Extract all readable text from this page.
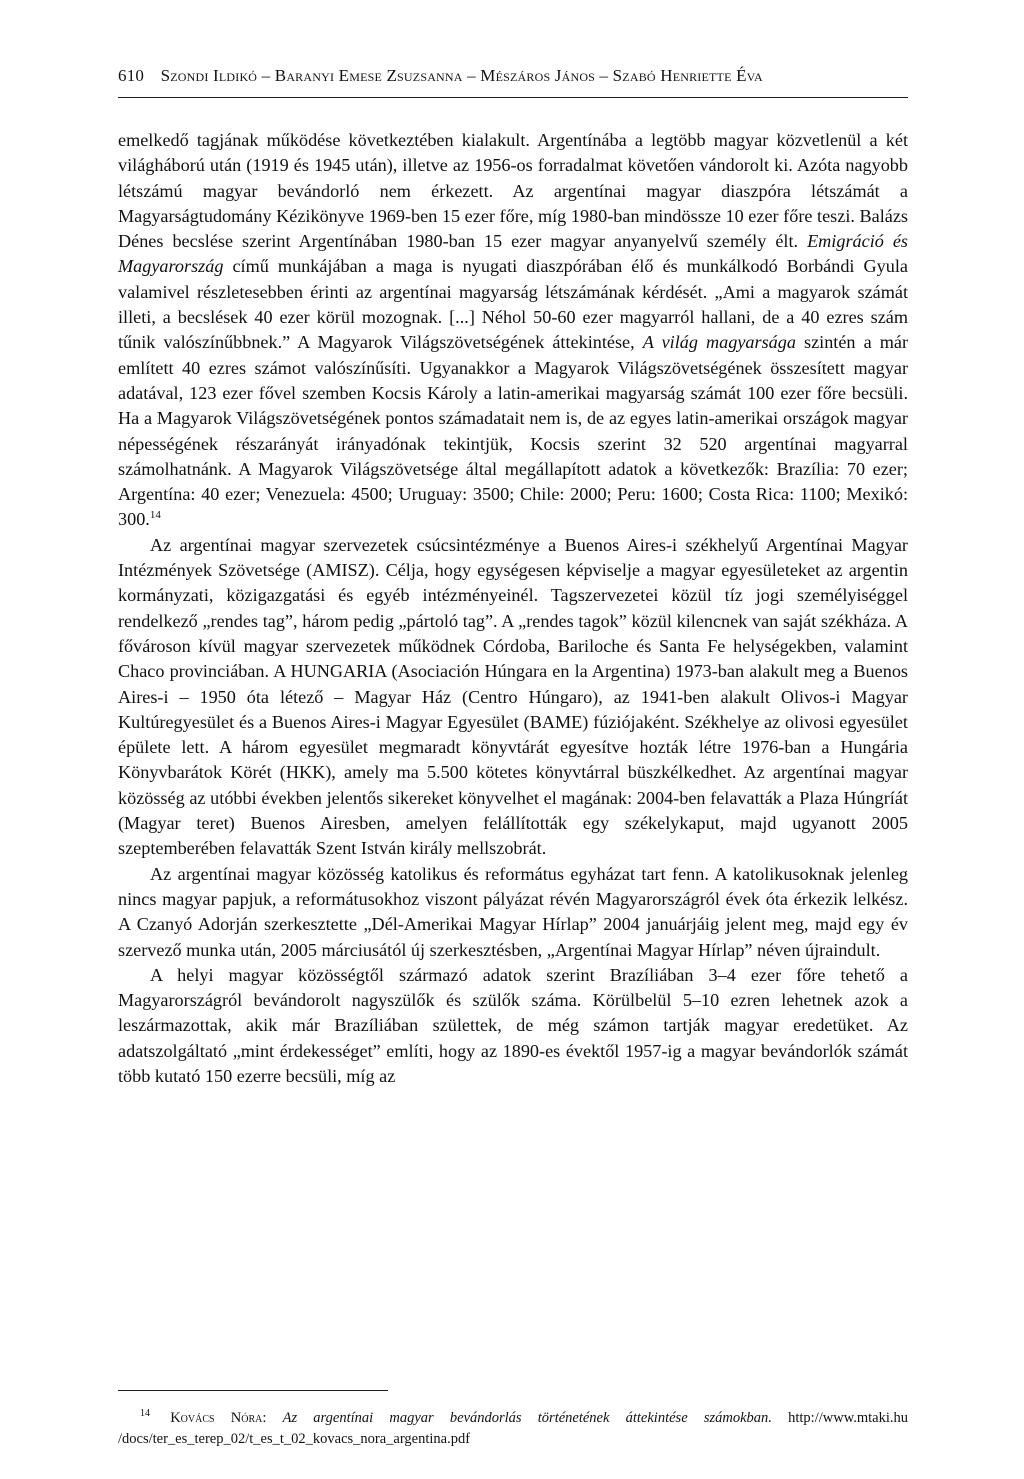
610 Szondi Ildikó – Baranyi Emese Zsuzsanna – Mészáros János – Szabó Henriette Éva

emelkedő tagjának működése következtében kialakult. Argentínába a legtöbb magyar közvetlenül a két világháború után (1919 és 1945 után), illetve az 1956-os forradalmat követően vándorolt ki. Azóta nagyobb létszámú magyar bevándorló nem érkezett. Az argentínai magyar diaszpóra létszámát a Magyarságtudomány Kézikönyve 1969-ben 15 ezer főre, míg 1980-ban mindössze 10 ezer főre teszi. Balázs Dénes becslése szerint Argentínában 1980-ban 15 ezer magyar anyanyelvű személy élt. Emigráció és Magyarország című munkájában a maga is nyugati diaszpórában élő és munkálkodó Borbándi Gyula valamivel részletesebben érinti az argentínai magyarság létszámának kérdését. „Ami a magyarok számát illeti, a becslések 40 ezer körül mozognak. [...] Néhol 50-60 ezer magyarról hallani, de a 40 ezres szám tűnik valószínűbbnek.” A Magyarok Világszövetségének áttekintése, A világ magyarsága szintén a már említett 40 ezres számot valószínűsíti. Ugyanakkor a Magyarok Világszövetségének összesített magyar adatával, 123 ezer fővel szemben Kocsis Károly a latin-amerikai magyarság számát 100 ezer főre becsüli. Ha a Magyarok Világszövetségének pontos számadatait nem is, de az egyes latin-amerikai országok magyar népességének részarányát irányadónak tekintjük, Kocsis szerint 32 520 argentínai magyarral számolhatnánk. A Magyarok Világszövetsége által megállapított adatok a következők: Brazília: 70 ezer; Argentína: 40 ezer; Venezuela: 4500; Uruguay: 3500; Chile: 2000; Peru: 1600; Costa Rica: 1100; Mexikó: 300.14

Az argentínai magyar szervezetek csúcsintézménye a Buenos Aires-i székhelyű Argentínai Magyar Intézmények Szövetsége (AMISZ). Célja, hogy egységesen képviselje a magyar egyesületeket az argentin kormányzati, közigazgatási és egyéb intézményeinél. Tagszervezetei közül tíz jogi személyiséggel rendelkező „rendes tag”, három pedig „pártoló tag”. A „rendes tagok” közül kilencnek van saját székháza. A fővároson kívül magyar szervezetek működnek Córdoba, Bariloche és Santa Fe helységekben, valamint Chaco provinciában. A HUNGARIA (Asociación Húngara en la Argentina) 1973-ban alakult meg a Buenos Aires-i – 1950 óta létező – Magyar Ház (Centro Húngaro), az 1941-ben alakult Olivos-i Magyar Kultúregyesület és a Buenos Aires-i Magyar Egyesület (BAME) fúziójaként. Székhelye az olivosi egyesület épülete lett. A három egyesület megmaradt könyvtárát egyesítve hozták létre 1976-ban a Hungária Könyvbarátok Körét (HKK), amely ma 5.500 kötetes könyvtárral büszkélkedhet. Az argentínai magyar közösség az utóbbi években jelentős sikereket könyvelhet el magának: 2004-ben felavatták a Plaza Húngríát (Magyar teret) Buenos Airesben, amelyen felállították egy székelykaput, majd ugyanott 2005 szeptemberében felavatták Szent István király mellszobrát.

Az argentínai magyar közösség katolikus és református egyházat tart fenn. A katolikusoknak jelenleg nincs magyar papjuk, a reformátusokhoz viszont pályázat révén Magyarországról évek óta érkezik lelkész. A Czanyó Adorján szerkesztette „Dél-Amerikai Magyar Hírlap” 2004 januárjáig jelent meg, majd egy év szervező munka után, 2005 márciusától új szerkesztésben, „Argentínai Magyar Hírlap” néven újraindult.

A helyi magyar közösségtől származó adatok szerint Brazíliában 3–4 ezer főre tehető a Magyarországról bevándorolt nagyszülők és szülők száma. Körülbelül 5–10 ezren lehetnek azok a leszármazottak, akik már Brazíliában születtek, de még számon tartják magyar eredetüket. Az adatszolgáltató „mint érdekességet” említi, hogy az 1890-es évektől 1957-ig a magyar bevándorlók számát több kutató 150 ezerre becsüli, míg az

$^{14}$ Kovács Nóra: Az argentínai magyar bevándorlás történetének áttekintése számokban. http://www.mtaki.hu /docs/ter_es_terep_02/t_es_t_02_kovacs_nora_argentina.pdf
